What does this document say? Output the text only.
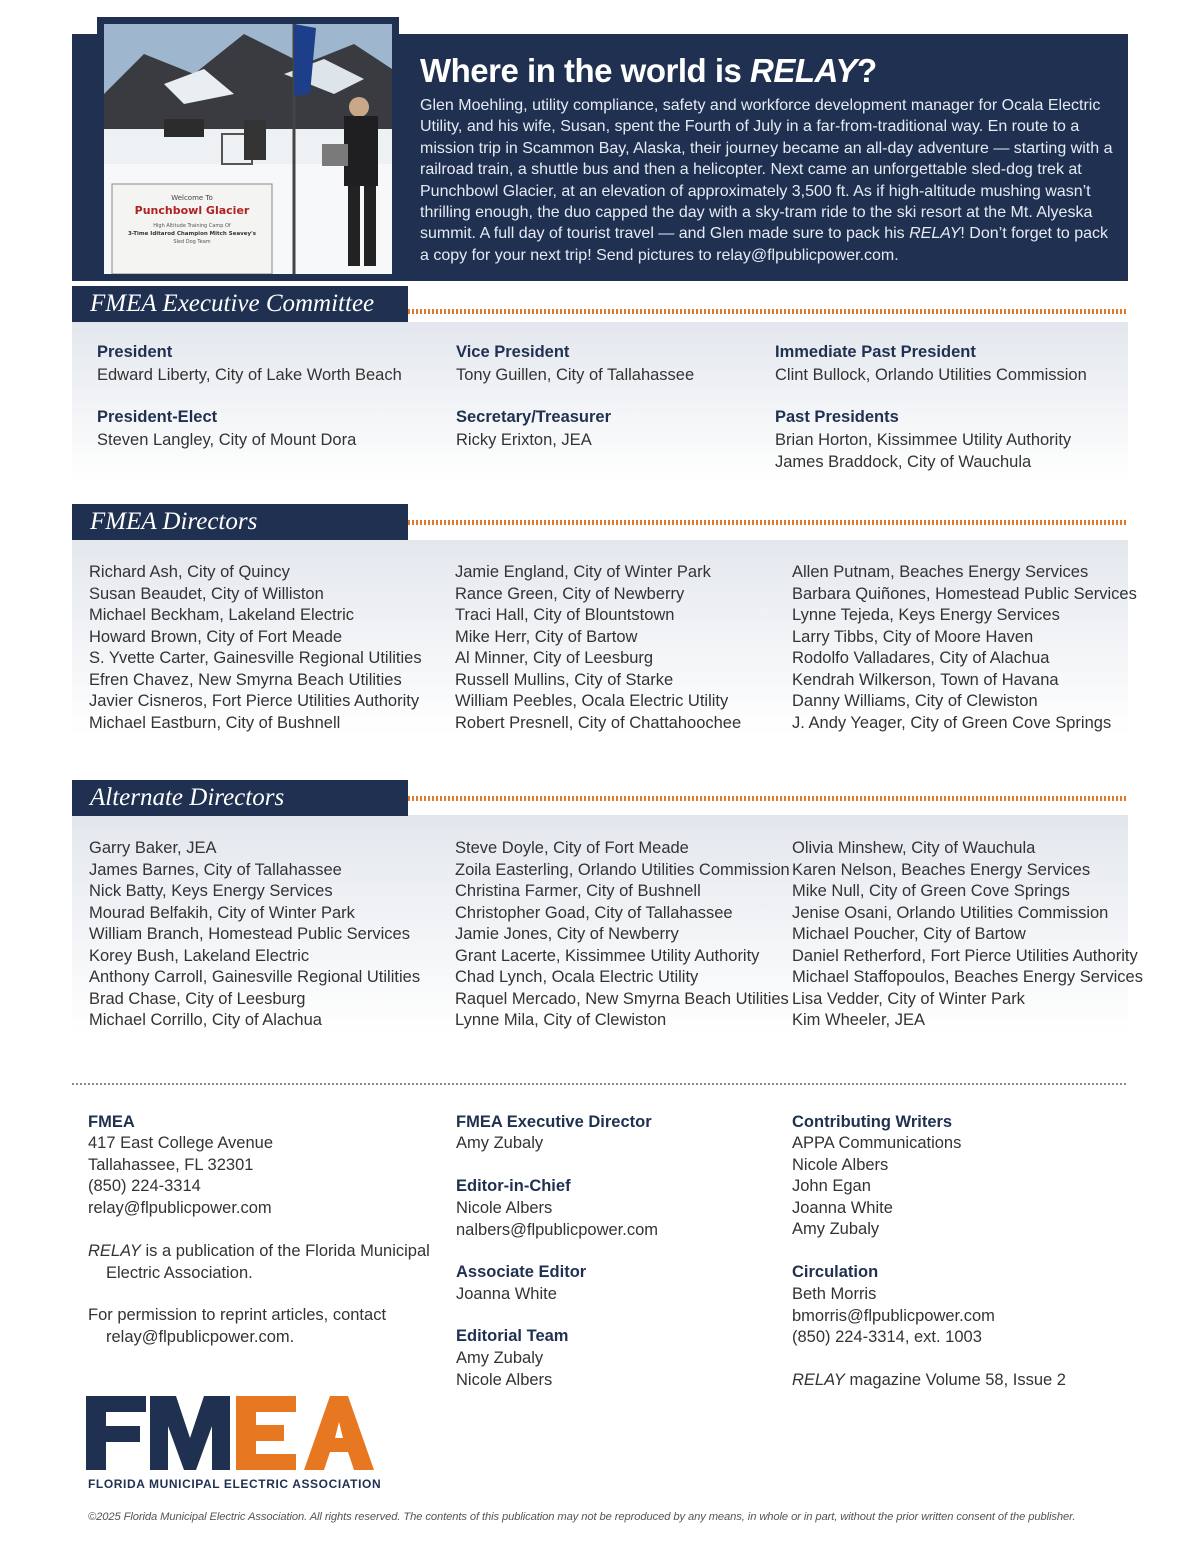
Welcome To
Punchbowl Glacier
High Altitude Training Camp Of
3-Time Iditarod Champion Mitch Seavey's
Sled Dog Team
Where in the world is RELAY?
Glen Moehling, utility compliance, safety and workforce development manager for Ocala Electric Utility, and his wife, Susan, spent the Fourth of July in a far-from-traditional way. En route to a mission trip in Scammon Bay, Alaska, their journey became an all-day adventure — starting with a railroad train, a shuttle bus and then a helicopter. Next came an unforgettable sled-dog trek at Punchbowl Glacier, at an elevation of approximately 3,500 ft. As if high-altitude mushing wasn’t thrilling enough, the duo capped the day with a sky-tram ride to the ski resort at the Mt. Alyeska summit. A full day of tourist travel — and Glen made sure to pack his RELAY! Don’t forget to pack a copy for your next trip! Send pictures to relay@flpublicpower.com.
FMEA Executive Committee
President
Edward Liberty, City of Lake Worth Beach
Vice President
Tony Guillen, City of Tallahassee
Immediate Past President
Clint Bullock, Orlando Utilities Commission
President-Elect
Steven Langley, City of Mount Dora
Secretary/Treasurer
Ricky Erixton, JEA
Past Presidents
Brian Horton, Kissimmee Utility Authority
James Braddock, City of Wauchula
FMEA Directors
Richard Ash, City of Quincy
Susan Beaudet, City of Williston
Michael Beckham, Lakeland Electric
Howard Brown, City of Fort Meade
S. Yvette Carter, Gainesville Regional Utilities
Efren Chavez, New Smyrna Beach Utilities
Javier Cisneros, Fort Pierce Utilities Authority
Michael Eastburn, City of Bushnell
Jamie England, City of Winter Park
Rance Green, City of Newberry
Traci Hall, City of Blountstown
Mike Herr, City of Bartow
Al Minner, City of Leesburg
Russell Mullins, City of Starke
William Peebles, Ocala Electric Utility
Robert Presnell, City of Chattahoochee
Allen Putnam, Beaches Energy Services
Barbara Quiñones, Homestead Public Services
Lynne Tejeda, Keys Energy Services
Larry Tibbs, City of Moore Haven
Rodolfo Valladares, City of Alachua
Kendrah Wilkerson, Town of Havana
Danny Williams, City of Clewiston
J. Andy Yeager, City of Green Cove Springs
Alternate Directors
Garry Baker, JEA
James Barnes, City of Tallahassee
Nick Batty, Keys Energy Services
Mourad Belfakih, City of Winter Park
William Branch, Homestead Public Services
Korey Bush, Lakeland Electric
Anthony Carroll, Gainesville Regional Utilities
Brad Chase, City of Leesburg
Michael Corrillo, City of Alachua
Steve Doyle, City of Fort Meade
Zoila Easterling, Orlando Utilities Commission
Christina Farmer, City of Bushnell
Christopher Goad, City of Tallahassee
Jamie Jones, City of Newberry
Grant Lacerte, Kissimmee Utility Authority
Chad Lynch, Ocala Electric Utility
Raquel Mercado, New Smyrna Beach Utilities
Lynne Mila, City of Clewiston
Olivia Minshew, City of Wauchula
Karen Nelson, Beaches Energy Services
Mike Null, City of Green Cove Springs
Jenise Osani, Orlando Utilities Commission
Michael Poucher, City of Bartow
Daniel Retherford, Fort Pierce Utilities Authority
Michael Staffopoulos, Beaches Energy Services
Lisa Vedder, City of Winter Park
Kim Wheeler, JEA
FMEA
417 East College Avenue
Tallahassee, FL 32301
(850) 224-3314
relay@flpublicpower.com
RELAY is a publication of the Florida Municipal Electric Association.
For permission to reprint articles, contact relay@flpublicpower.com.
FMEA Executive Director
Amy Zubaly
Editor-in-Chief
Nicole Albers
nalbers@flpublicpower.com
Associate Editor
Joanna White
Editorial Team
Amy Zubaly
Nicole Albers
Contributing Writers
APPA Communications
Nicole Albers
John Egan
Joanna White
Amy Zubaly
Circulation
Beth Morris
bmorris@flpublicpower.com
(850) 224-3314, ext. 1003
RELAY magazine Volume 58, Issue 2
FLORIDA MUNICIPAL ELECTRIC ASSOCIATION
©2025 Florida Municipal Electric Association. All rights reserved. The contents of this publication may not be reproduced by any means, in whole or in part, without the prior written consent of the publisher.
